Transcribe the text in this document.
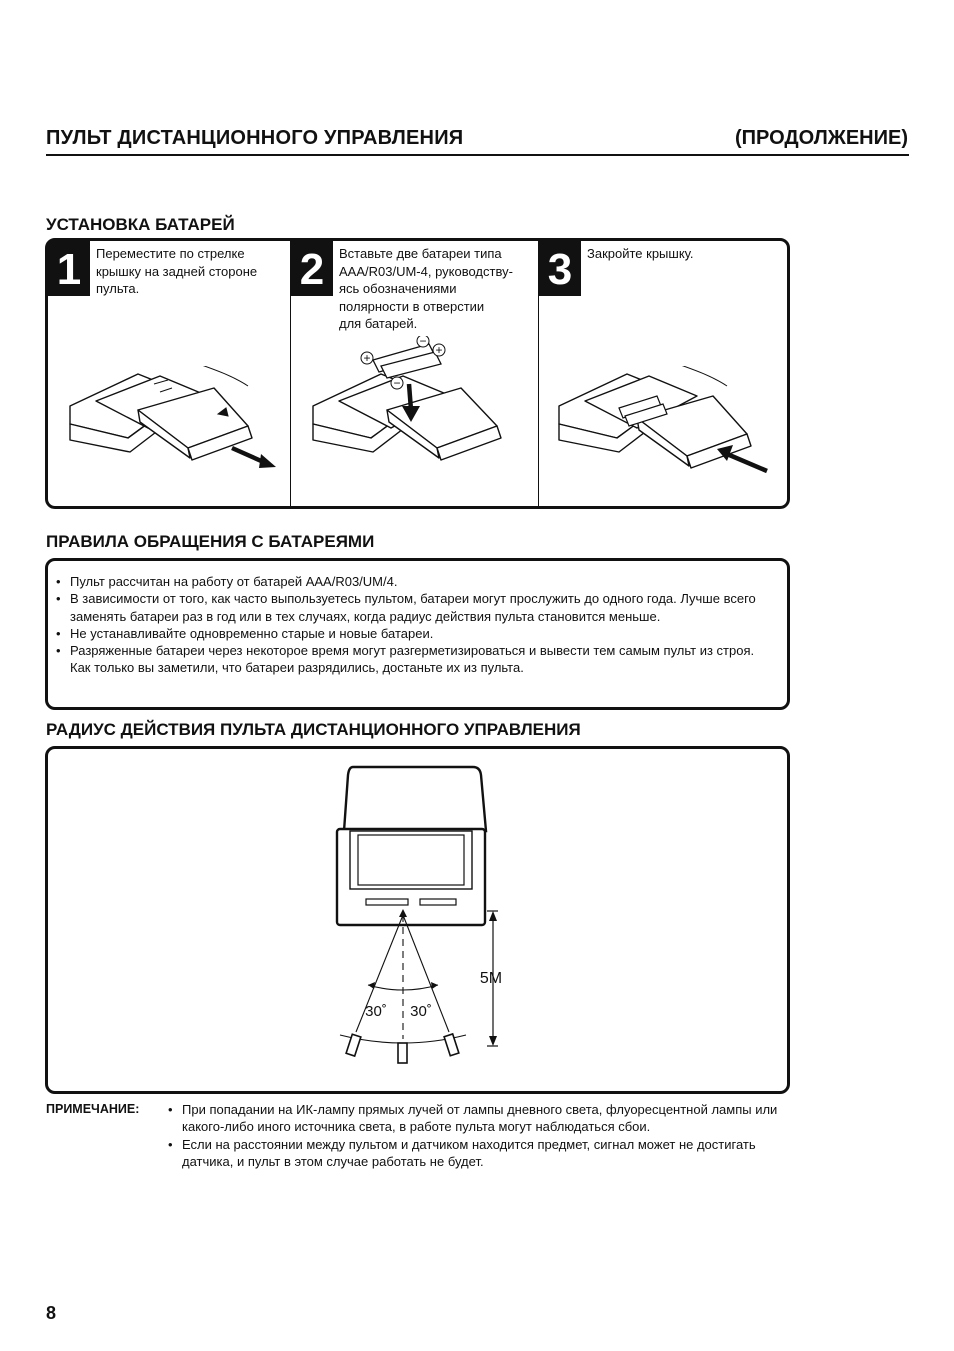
ПУЛЬТ ДИСТАНЦИОННОГО УПРАВЛЕНИЯ	(ПРОДОЛЖЕНИЕ)
УСТАНОВКА БАТАРЕЙ
1	Переместите по стрелке
крышку на задней стороне
пульта.	2	Вставьте две батареи типа
AAA/R03/UM-4, руководству-
ясь обозначениями
полярности в отверстии
для батарей.
+
+
−
−
3	Закройте крышку.
ПРАВИЛА ОБРАЩЕНИЯ С БАТАРЕЯМИ
• Пульт рассчитан на работу от батарей AAA/R03/UM/4.
• В зависимости от того, как часто выпользуетесь пультом, батареи могут прослужить до одного года. Лучше всего заменять батареи раз в год или в тех случаях, когда радиус действия пульта становится меньше.
• Не устанавливайте одновременно старые и новые батареи.
• Разряженные батареи через некоторое время могут разгерметизироваться и вывести тем самым пульт из строя. Как только вы заметили, что батареи разрядились, достаньте их из пульта.
РАДИУС ДЕЙСТВИЯ ПУЛЬТА ДИСТАНЦИОННОГО УПРАВЛЕНИЯ
30˚ 30˚
5M
ПРИМЕЧАНИЕ:
•	При попадании на ИК-лампу прямых лучей от лампы дневного света, флуоресцентной лампы или какого-либо иного источника света, в работе пульта могут наблюдаться сбои.
• Если на расстоянии между пультом и датчиком находится предмет, сигнал может не достигать датчика, и пульт в этом случае работать не будет.
8
